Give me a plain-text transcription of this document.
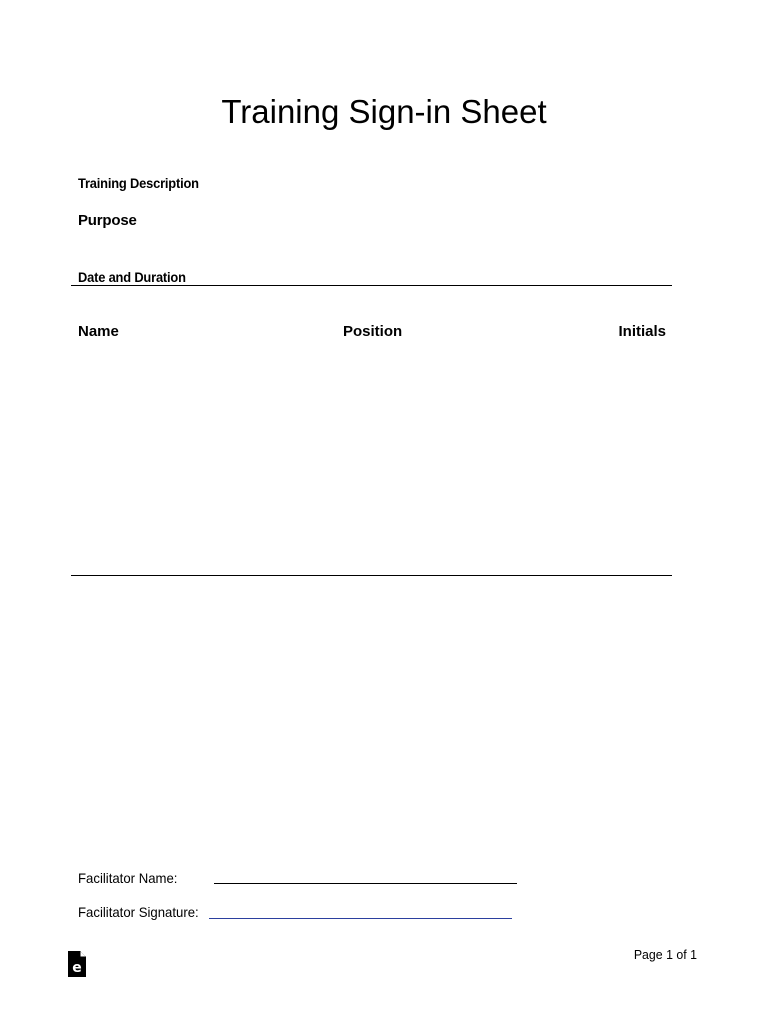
Training Sign-in Sheet
Training Description
Purpose
Date and Duration
Name	Position	Initials
Facilitator Name:
Facilitator Signature:
Page 1 of 1
e
